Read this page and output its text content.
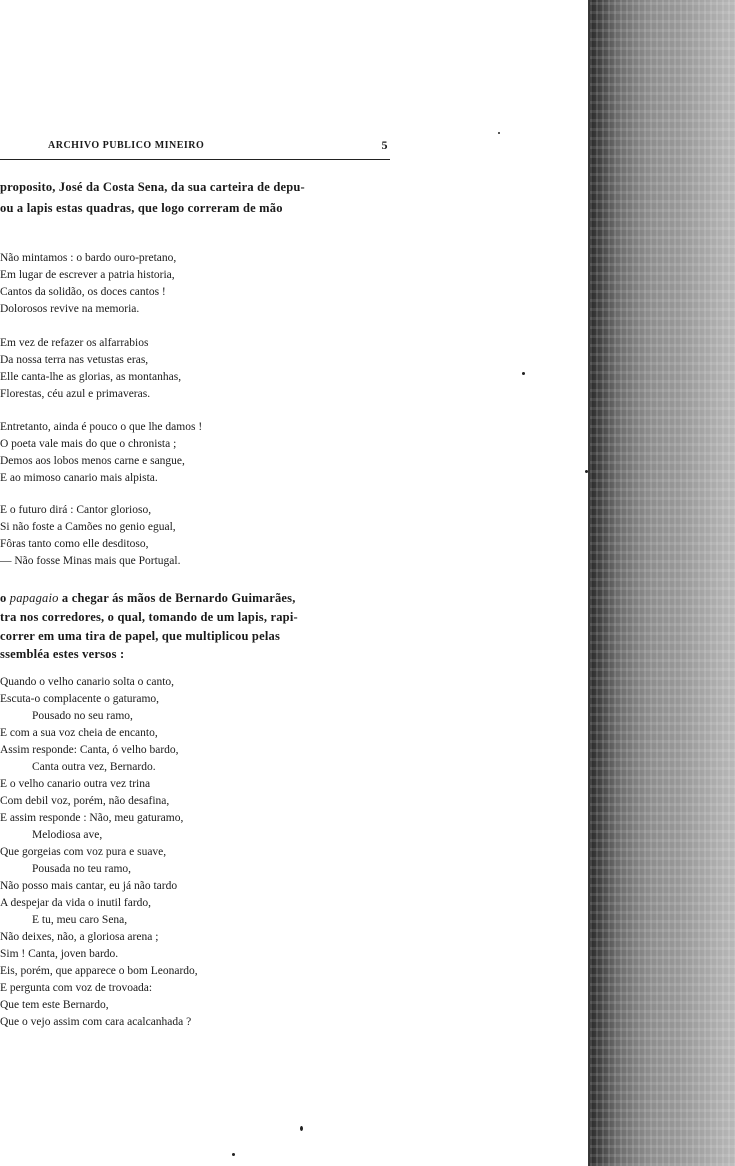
ARCHIVO PUBLICO MINEIRO	5
proposito, José da Costa Sena, da sua carteira de depu-
ou a lapis estas quadras, que logo correram de mão
Não mintamos : o bardo ouro-pretano,
Em lugar de escrever a patria historia,
Cantos da solidão, os doces cantos !
Dolorosos revive na memoria.
Em vez de refazer os alfarrabios
Da nossa terra nas vetustas eras,
Elle canta-lhe as glorias, as montanhas,
Florestas, céu azul e primaveras.
Entretanto, ainda é pouco o que lhe damos !
O poeta vale mais do que o chronista ;
Demos aos lobos menos carne e sangue,
E ao mimoso canario mais alpista.
E o futuro dirá : Cantor glorioso,
Si não foste a Camões no genio egual,
Fôras tanto como elle desditoso,
— Não fosse Minas mais que Portugal.
o papagaio a chegar ás mãos de Bernardo Guimarães,
tra nos corredores, o qual, tomando de um lapis, rapi-
correr em uma tira de papel, que multiplicou pelas
ssembléa estes versos :
Quando o velho canario solta o canto,
Escuta-o complacente o gaturamo,
Pousado no seu ramo,
E com a sua voz cheia de encanto,
Assim responde: Canta, ó velho bardo,
Canta outra vez, Bernardo.
E o velho canario outra vez trina
Com debil voz, porém, não desafina,
E assim responde : Não, meu gaturamo,
Melodiosa ave,
Que gorgeias com voz pura e suave,
Pousada no teu ramo,
Não posso mais cantar, eu já não tardo
A despejar da vida o inutil fardo,
E tu, meu caro Sena,
Não deixes, não, a gloriosa arena ;
Sim ! Canta, joven bardo.
Eis, porém, que apparece o bom Leonardo,
E pergunta com voz de trovoada:
Que tem este Bernardo,
Que o vejo assim com cara acalcanhada ?
